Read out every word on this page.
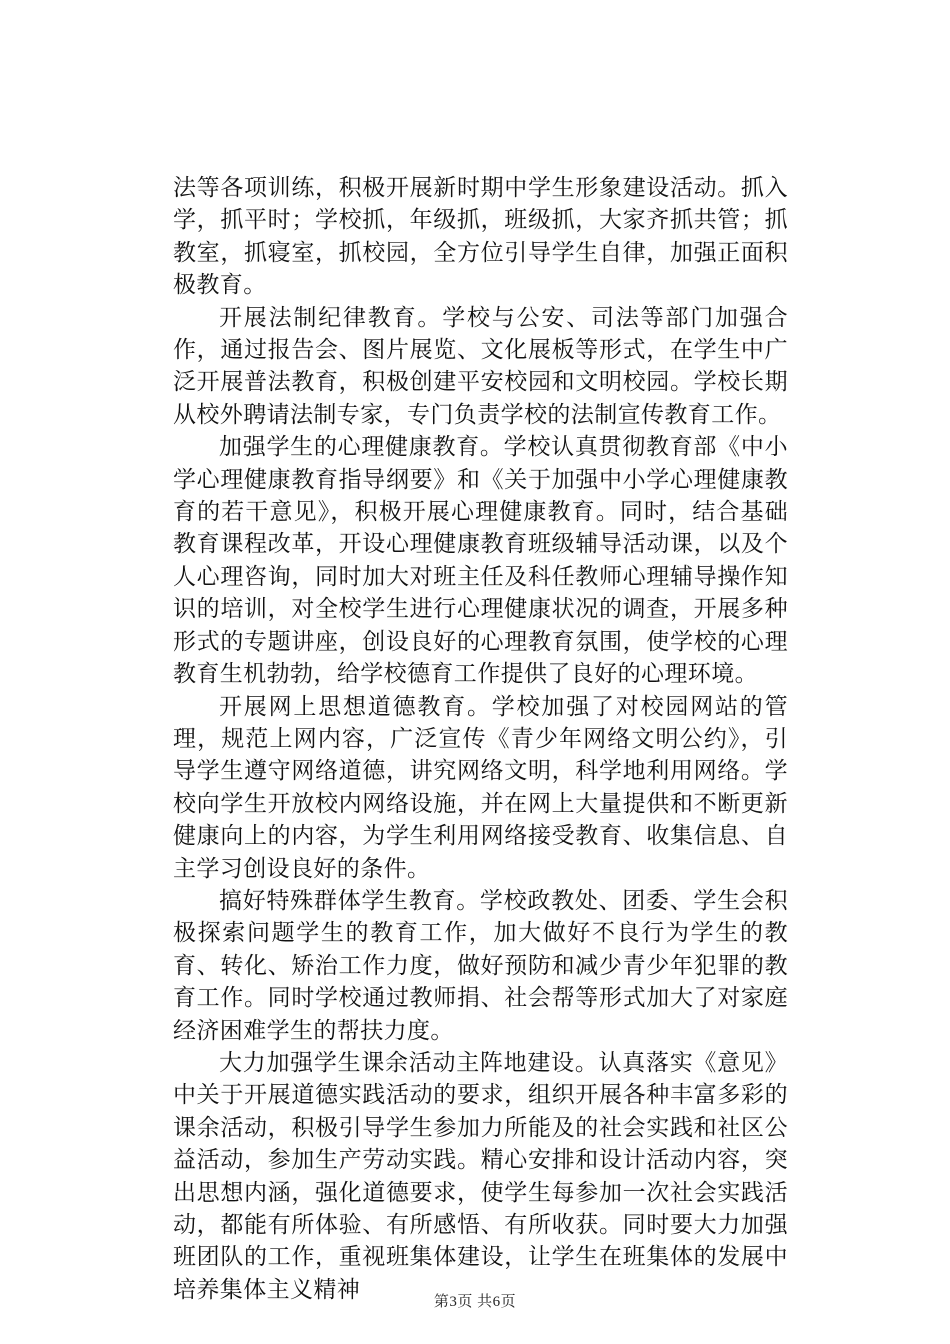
法等各项训练，积极开展新时期中学生形象建设活动。抓入学，抓平时；学校抓，年级抓，班级抓，大家齐抓共管；抓教室，抓寝室，抓校园，全方位引导学生自律，加强正面积极教育。

开展法制纪律教育。学校与公安、司法等部门加强合作，通过报告会、图片展览、文化展板等形式，在学生中广泛开展普法教育，积极创建平安校园和文明校园。学校长期从校外聘请法制专家，专门负责学校的法制宣传教育工作。

加强学生的心理健康教育。学校认真贯彻教育部《中小学心理健康教育指导纲要》和《关于加强中小学心理健康教育的若干意见》，积极开展心理健康教育。同时，结合基础教育课程改革，开设心理健康教育班级辅导活动课，以及个人心理咨询，同时加大对班主任及科任教师心理辅导操作知识的培训，对全校学生进行心理健康状况的调查，开展多种形式的专题讲座，创设良好的心理教育氛围，使学校的心理教育生机勃勃，给学校德育工作提供了良好的心理环境。

开展网上思想道德教育。学校加强了对校园网站的管理，规范上网内容，广泛宣传《青少年网络文明公约》，引导学生遵守网络道德，讲究网络文明，科学地利用网络。学校向学生开放校内网络设施，并在网上大量提供和不断更新健康向上的内容，为学生利用网络接受教育、收集信息、自主学习创设良好的条件。

搞好特殊群体学生教育。学校政教处、团委、学生会积极探索问题学生的教育工作，加大做好不良行为学生的教育、转化、矫治工作力度，做好预防和减少青少年犯罪的教育工作。同时学校通过教师捐、社会帮等形式加大了对家庭经济困难学生的帮扶力度。

大力加强学生课余活动主阵地建设。认真落实《意见》中关于开展道德实践活动的要求，组织开展各种丰富多彩的课余活动，积极引导学生参加力所能及的社会实践和社区公益活动，参加生产劳动实践。精心安排和设计活动内容，突出思想内涵，强化道德要求，使学生每参加一次社会实践活动，都能有所体验、有所感悟、有所收获。同时要大力加强班团队的工作，重视班集体建设，让学生在班集体的发展中培养集体主义精神	第3页 共6页
